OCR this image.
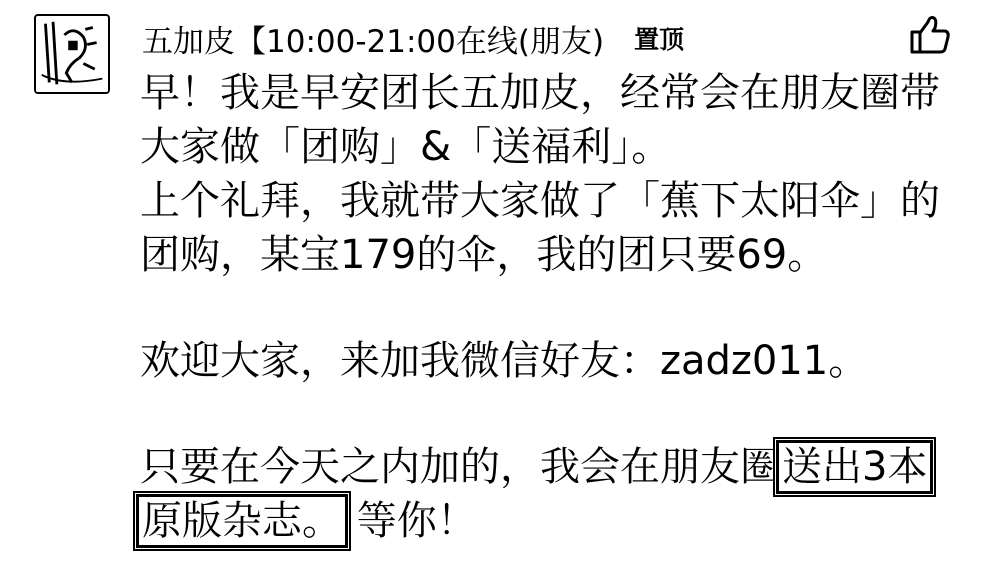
五加皮【10:00-21:00在线(朋友) 置顶
早！我是早安团长五加皮，经常会在朋友圈带
大家做「团购」&「送福利」。
上个礼拜，我就带大家做了「蕉下太阳伞」的
团购，某宝179的伞，我的团只要69。
欢迎大家，来加我微信好友：zadz011。
只要在今天之内加的，我会在朋友圈送出3本
原版杂志。 等你！
